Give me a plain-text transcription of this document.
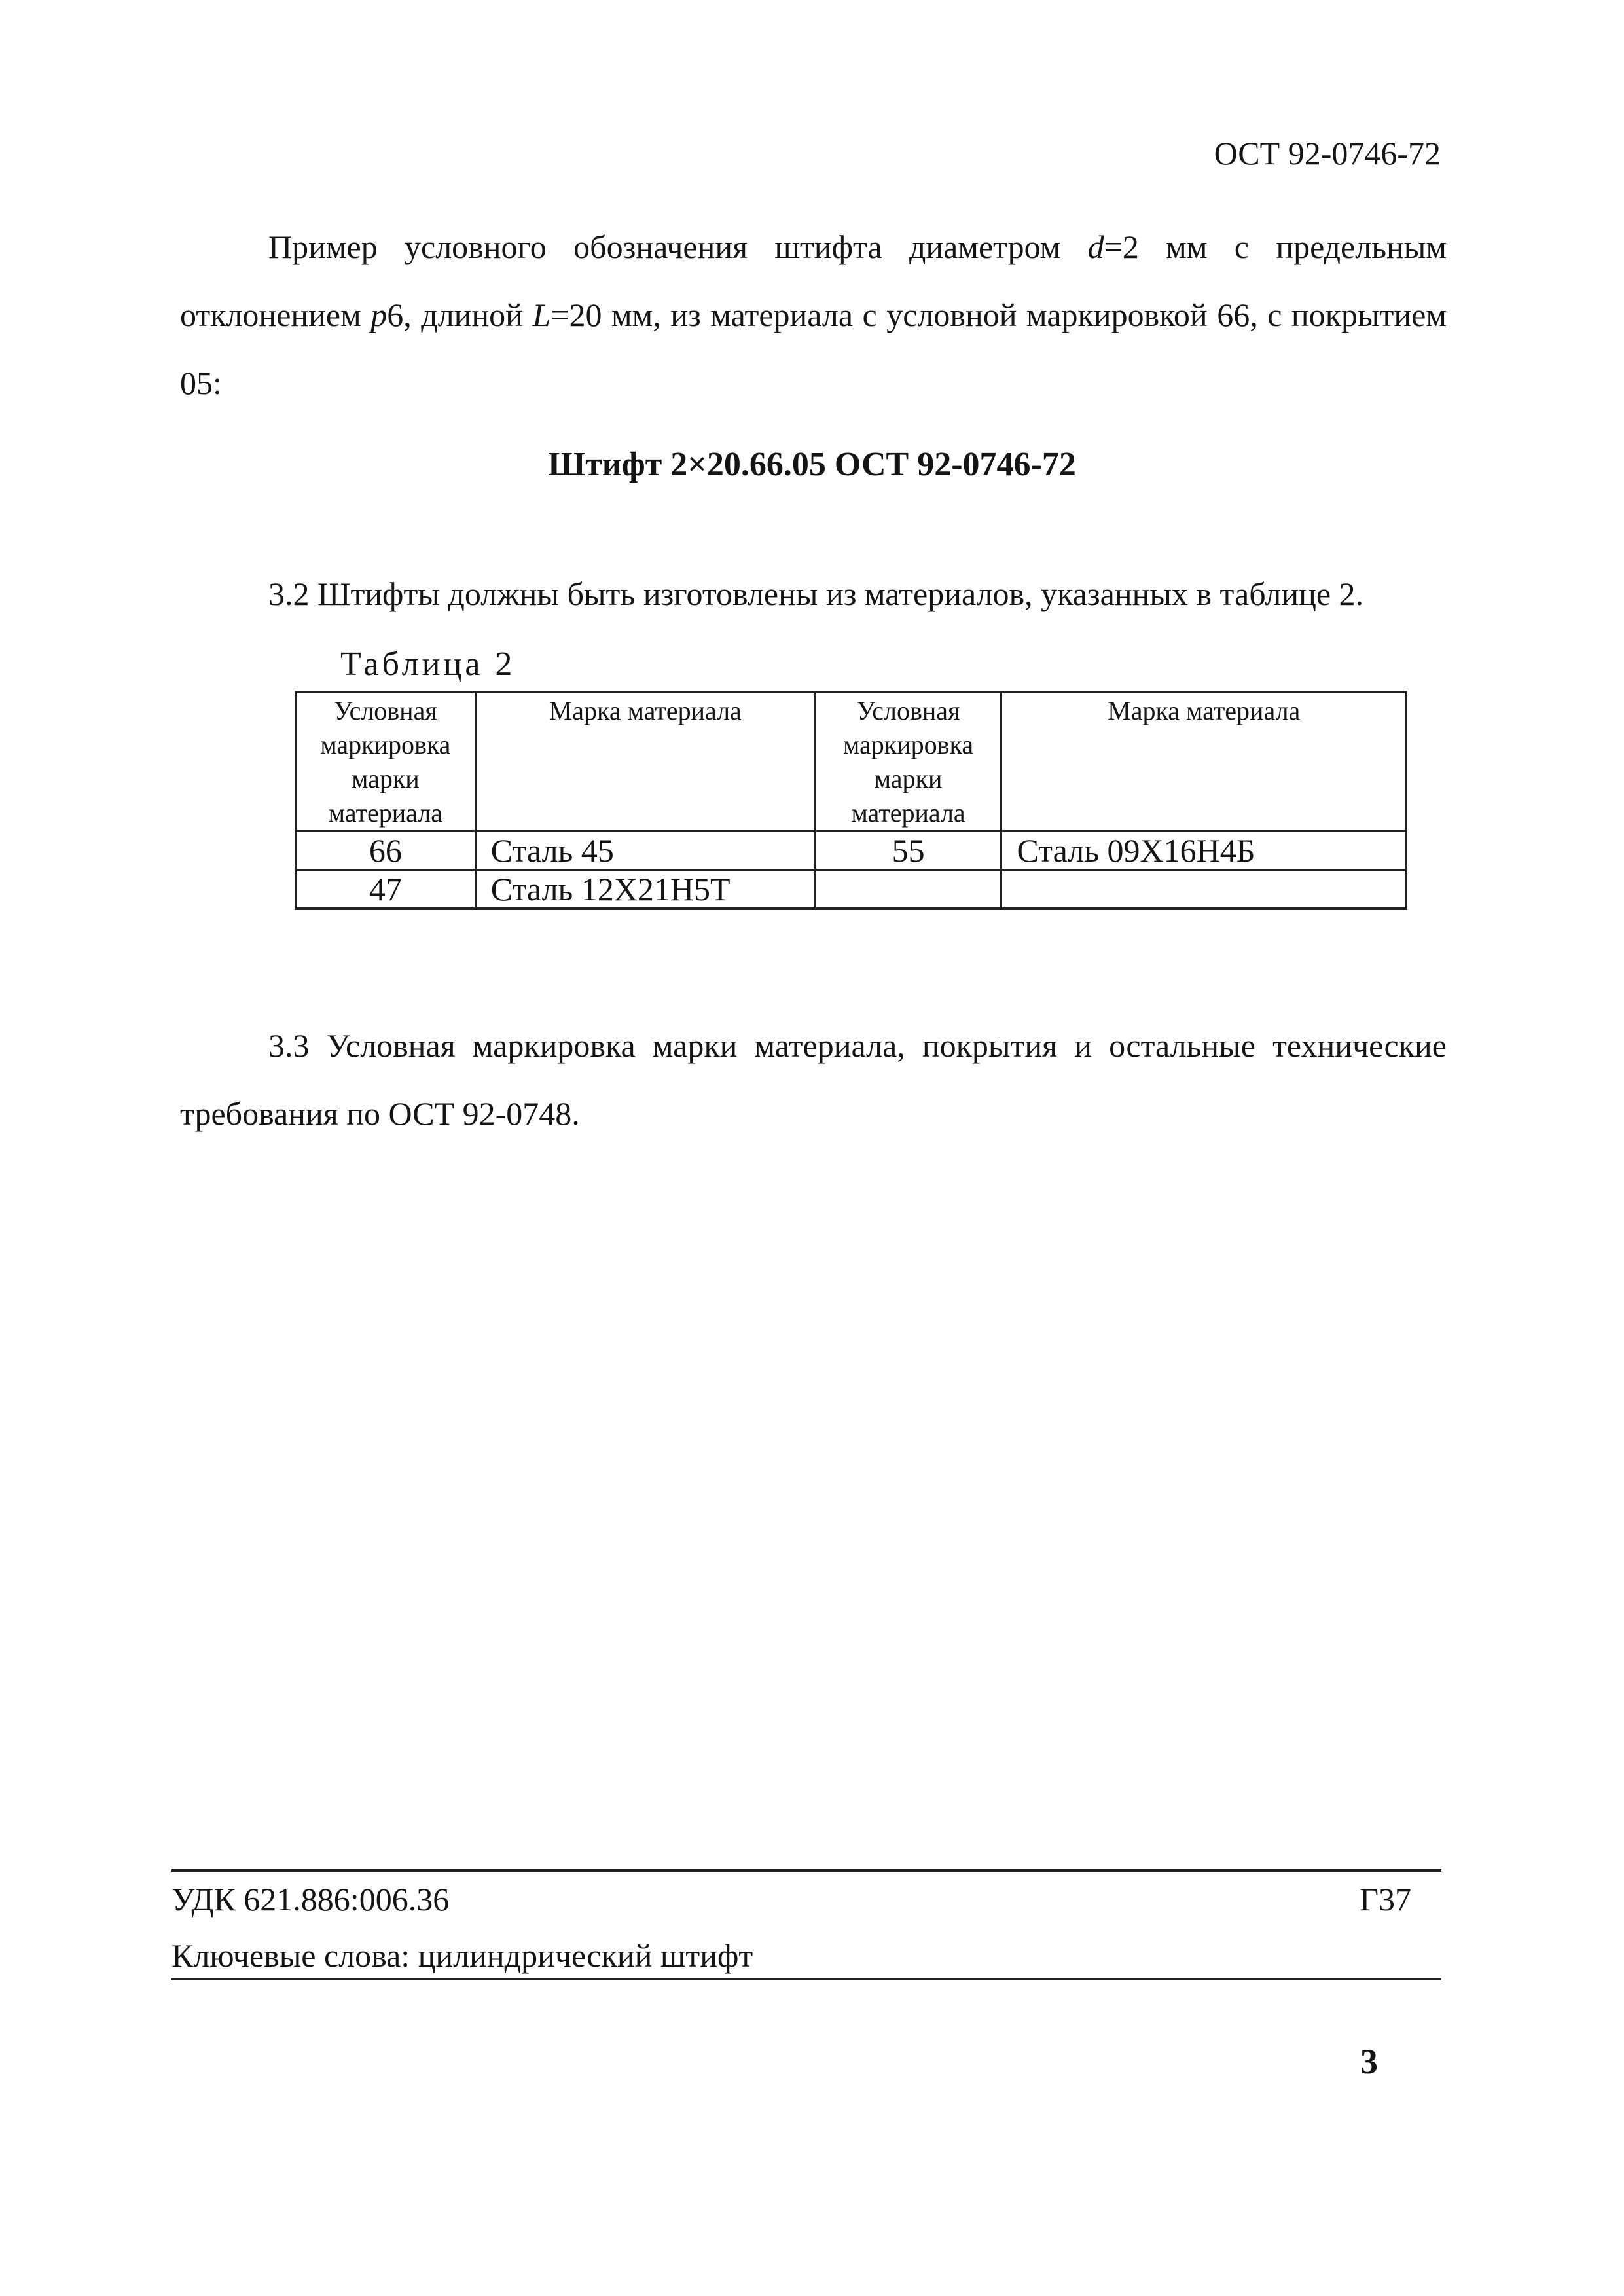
ОСТ 92-0746-72

Пример условного обозначения штифта диаметром d=2 мм с предельным отклонением p6, длиной L=20 мм, из материала с условной маркировкой 66, с покрытием 05:

Штифт 2×20.66.05 ОСТ 92-0746-72

3.2 Штифты должны быть изготовлены из материалов, указанных в таблице 2.

Таблица 2
Условная маркировка марки материала	Марка материала	Условная маркировка марки материала	Марка материала
66	Сталь 45	55	Сталь 09Х16Н4Б
47	Сталь 12Х21Н5Т		

3.3 Условная маркировка марки материала, покрытия и остальные технические требования по ОСТ 92-0748.

УДК 621.886:006.36	Г37
Ключевые слова: цилиндрический штифт
3
